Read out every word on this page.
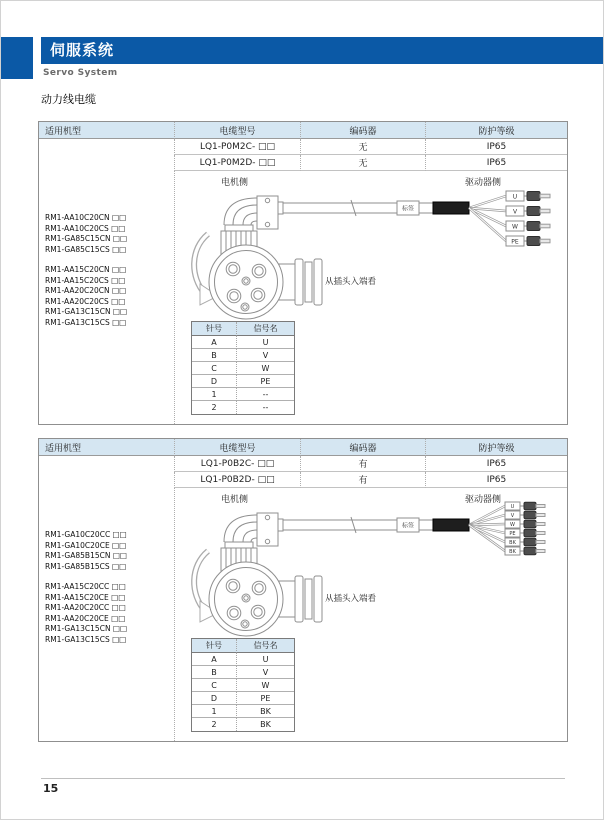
伺服系统
Servo System
动力线电缆
适用机型	电缆型号	编码器	防护等级
LQ1-P0M2C- □□	无	IP65
LQ1-P0M2D- □□	无	IP65
RM1-AA10C20CN □□
RM1-AA10C20CS □□
RM1-GA85C15CN □□
RM1-GA85C15CS □□
RM1-AA15C20CN □□
RM1-AA15C20CS □□
RM1-AA20C20CN □□
RM1-AA20C20CS □□
RM1-GA13C15CN □□
RM1-GA13C15CS □□
电机侧	驱动器侧
标签
U
V
W
PE
从插头入端看
针号	信号名
A	U
B	V
C	W
D	PE
1	--
2	--
适用机型	电缆型号	编码器	防护等级
LQ1-P0B2C- □□	有	IP65
LQ1-P0B2D- □□	有	IP65
RM1-GA10C20CC □□
RM1-GA10C20CE □□
RM1-GA85B15CN □□
RM1-GA85B15CS □□
RM1-AA15C20CC □□
RM1-AA15C20CE □□
RM1-AA20C20CC □□
RM1-AA20C20CE □□
RM1-GA13C15CN □□
RM1-GA13C15CS □□
电机侧	驱动器侧
标签
U
V
W
PE
BK
BK
从插头入端看
针号	信号名
A	U
B	V
C	W
D	PE
1	BK
2	BK
15
